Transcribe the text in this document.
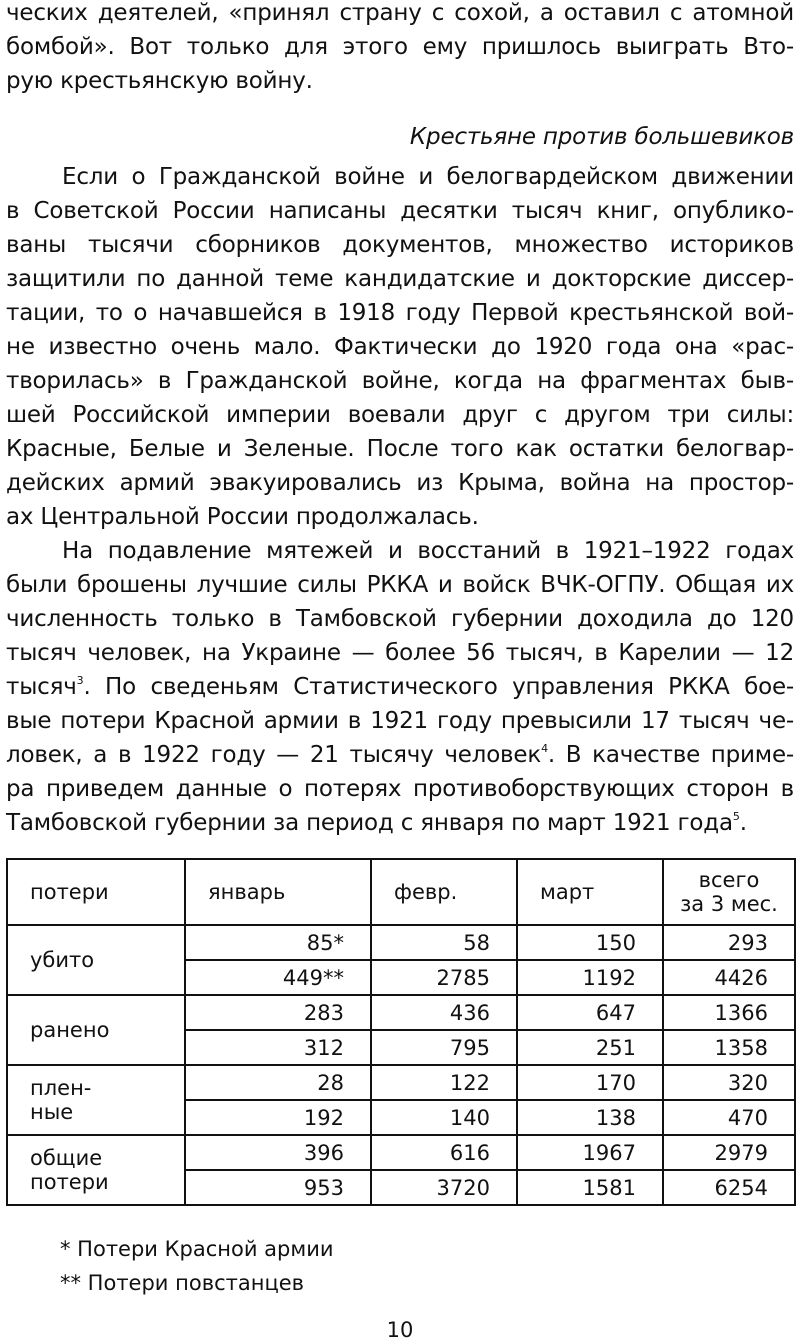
ческих деятелей, «принял страну с сохой, а оставил с атомной
бомбой». Вот только для этого ему пришлось выиграть Вто-
рую крестьянскую войну.
Крестьяне против большевиков
Если о Гражданской войне и белогвардейском движении
в Советской России написаны десятки тысяч книг, опублико-
ваны тысячи сборников документов, множество историков
защитили по данной теме кандидатские и докторские диссер-
тации, то о начавшейся в 1918 году Первой крестьянской вой-
не известно очень мало. Фактически до 1920 года она «рас-
творилась» в Гражданской войне, когда на фрагментах быв-
шей Российской империи воевали друг с другом три силы:
Красные, Белые и Зеленые. После того как остатки белогвар-
дейских армий эвакуировались из Крыма, война на простор-
ах Центральной России продолжалась.
На подавление мятежей и восстаний в 1921–1922 годах
были брошены лучшие силы РККА и войск ВЧК-ОГПУ. Общая их
численность только в Тамбовской губернии доходила до 120
тысяч человек, на Украине — более 56 тысяч, в Карелии — 12
тысяч$^3$. По сведеньям Статистического управления РККА бое-
вые потери Красной армии в 1921 году превысили 17 тысяч че-
ловек, а в 1922 году — 21 тысячу человек$^4$. В качестве приме-
ра приведем данные о потерях противоборствующих сторон в
Тамбовской губернии за период с января по март 1921 года$^5$.
потери	январь	февр.	март	всего
за 3 мес.
убито	85*	58	150	293
	449**	2785	1192	4426
ранено	283	436	647	1366
	312	795	251	1358
плен-
ные	28	122	170	320
	192	140	138	470
общие
потери	396	616	1967	2979
	953	3720	1581	6254
* Потери Красной армии
** Потери повстанцев
10
